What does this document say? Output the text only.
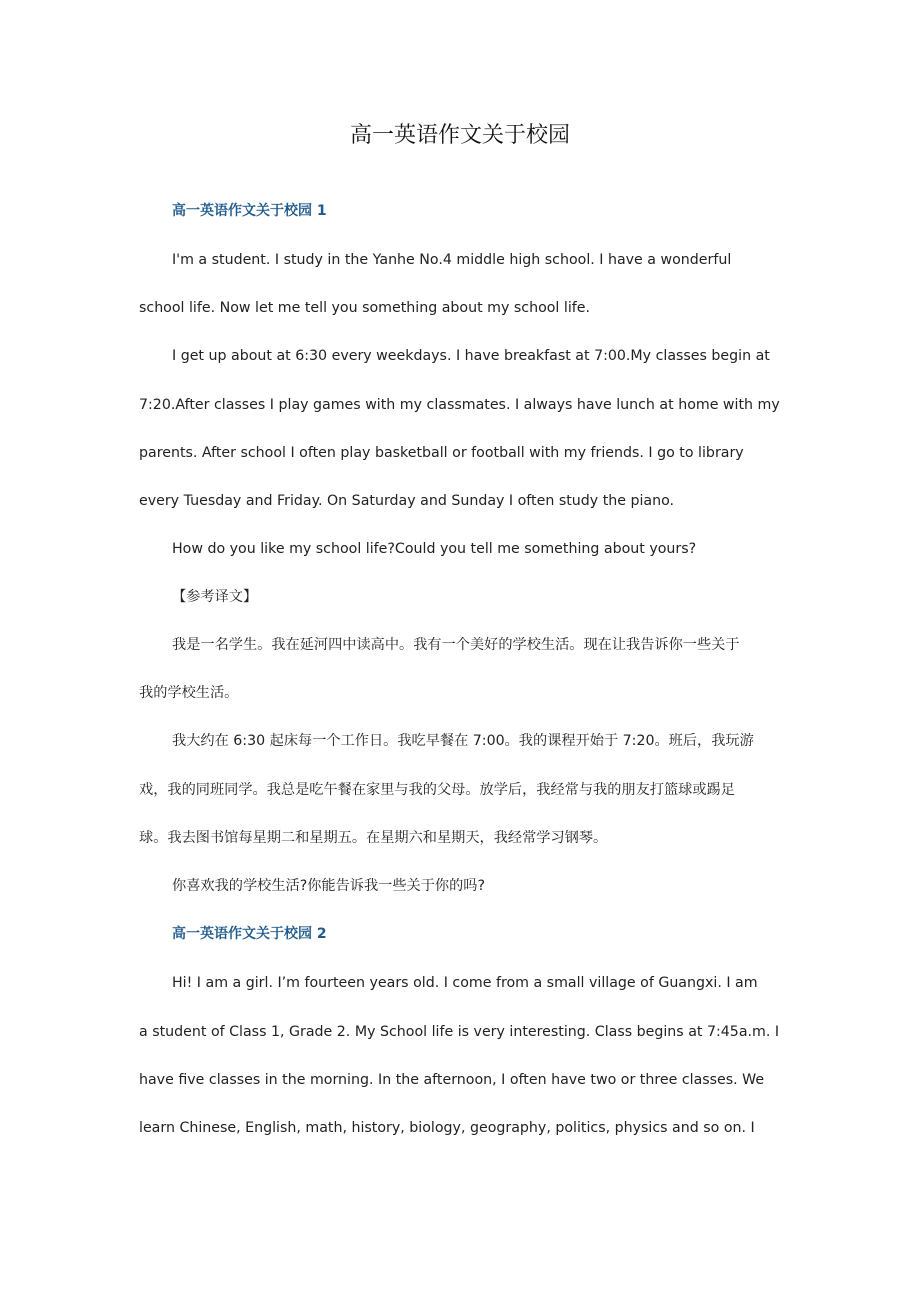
高一英语作文关于校园
高一英语作文关于校园 1

I'm a student. I study in the Yanhe No.4 middle high school. I have a wonderful

school life. Now let me tell you something about my school life.

I get up about at 6:30 every weekdays. I have breakfast at 7:00.My classes begin at

7:20.After classes I play games with my classmates. I always have lunch at home with my

parents. After school I often play basketball or football with my friends. I go to library

every Tuesday and Friday. On Saturday and Sunday I often study the piano.

How do you like my school life?Could you tell me something about yours?

【参考译文】

我是一名学生。我在延河四中读高中。我有一个美好的学校生活。现在让我告诉你一些关于

我的学校生活。

我大约在 6:30 起床每一个工作日。我吃早餐在 7:00。我的课程开始于 7:20。班后，我玩游

戏，我的同班同学。我总是吃午餐在家里与我的父母。放学后，我经常与我的朋友打篮球或踢足

球。我去图书馆每星期二和星期五。在星期六和星期天，我经常学习钢琴。

你喜欢我的学校生活?你能告诉我一些关于你的吗?

高一英语作文关于校园 2

Hi! I am a girl. I’m fourteen years old. I come from a small village of Guangxi. I am

a student of Class 1, Grade 2. My School life is very interesting. Class begins at 7:45a.m. I

have five classes in the morning. In the afternoon, I often have two or three classes. We

learn Chinese, English, math, history, biology, geography, politics, physics and so on. I
